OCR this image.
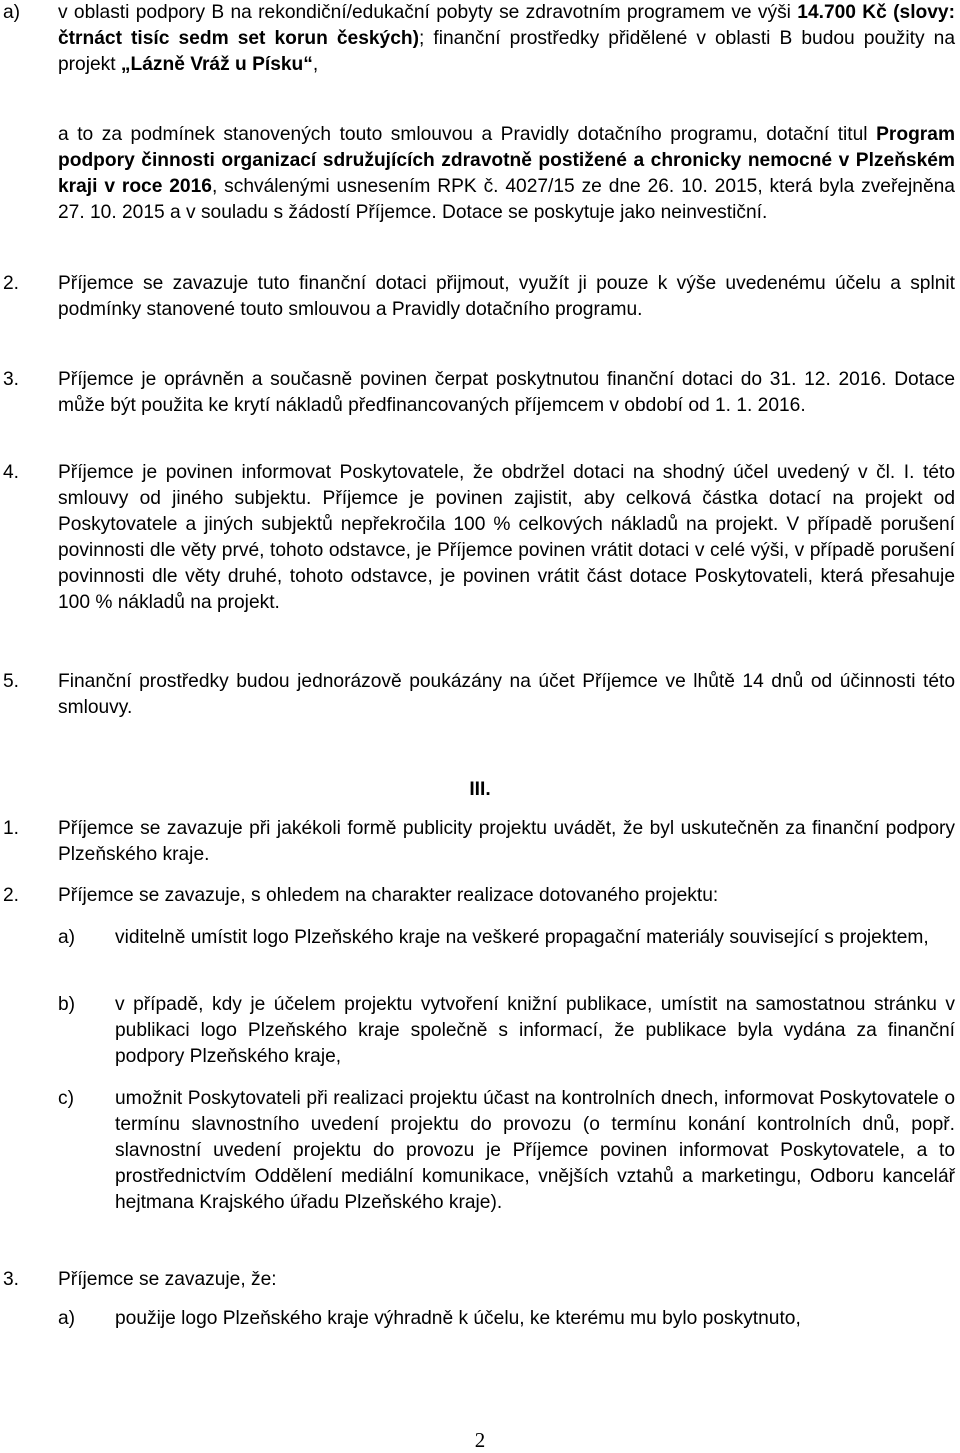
a) v oblasti podpory B na rekondiční/edukační pobyty se zdravotním programem ve výši 14.700 Kč (slovy: čtrnáct tisíc sedm set korun českých); finanční prostředky přidělené v oblasti B budou použity na projekt „Lázně Vráž u Písku“,
a to za podmínek stanovených touto smlouvou a Pravidly dotačního programu, dotační titul Program podpory činnosti organizací sdružujících zdravotně postižené a chronicky nemocné v Plzeňském kraji v roce 2016, schválenými usnesením RPK č. 4027/15 ze dne 26. 10. 2015, která byla zveřejněna 27. 10. 2015 a v souladu s žádostí Příjemce. Dotace se poskytuje jako neinvestiční.
2. Příjemce se zavazuje tuto finanční dotaci přijmout, využít ji pouze k výše uvedenému účelu a splnit podmínky stanovené touto smlouvou a Pravidly dotačního programu.
3. Příjemce je oprávněn a současně povinen čerpat poskytnutou finanční dotaci do 31. 12. 2016. Dotace může být použita ke krytí nákladů předfinancovaných příjemcem v období od 1. 1. 2016.
4. Příjemce je povinen informovat Poskytovatele, že obdržel dotaci na shodný účel uvedený v čl. I. této smlouvy od jiného subjektu. Příjemce je povinen zajistit, aby celková částka dotací na projekt od Poskytovatele a jiných subjektů nepřekročila 100 % celkových nákladů na projekt. V případě porušení povinnosti dle věty prvé, tohoto odstavce, je Příjemce povinen vrátit dotaci v celé výši, v případě porušení povinnosti dle věty druhé, tohoto odstavce, je povinen vrátit část dotace Poskytovateli, která přesahuje 100 % nákladů na projekt.
5. Finanční prostředky budou jednorázově poukázány na účet Příjemce ve lhůtě 14 dnů od účinnosti této smlouvy.
III.
1. Příjemce se zavazuje při jakékoli formě publicity projektu uvádět, že byl uskutečněn za finanční podpory Plzeňského kraje.
2. Příjemce se zavazuje, s ohledem na charakter realizace dotovaného projektu:
a) viditelně umístit logo Plzeňského kraje na veškeré propagační materiály související s projektem,
b) v případě, kdy je účelem projektu vytvoření knižní publikace, umístit na samostatnou stránku v publikaci logo Plzeňského kraje společně s informací, že publikace byla vydána za finanční podpory Plzeňského kraje,
c) umožnit Poskytovateli při realizaci projektu účast na kontrolních dnech, informovat Poskytovatele o termínu slavnostního uvedení projektu do provozu (o termínu konání kontrolních dnů, popř. slavnostní uvedení projektu do provozu je Příjemce povinen informovat Poskytovatele, a to prostřednictvím Oddělení mediální komunikace, vnějších vztahů a marketingu, Odboru kancelář hejtmana Krajského úřadu Plzeňského kraje).
3. Příjemce se zavazuje, že:
a) použije logo Plzeňského kraje výhradně k účelu, ke kterému mu bylo poskytnuto,
2
